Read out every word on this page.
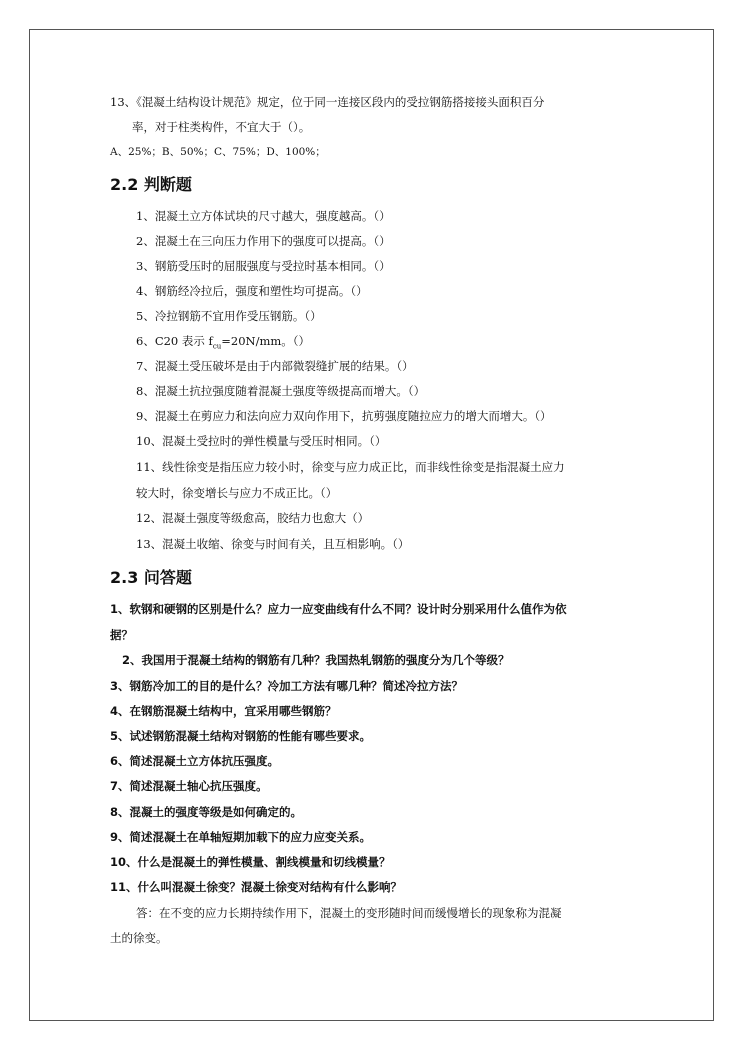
13、《混凝土结构设计规范》规定，位于同一连接区段内的受拉钢筋搭接接头面积百分
率，对于柱类构件，不宜大于（）。
A、25%；B、50%；C、75%；D、100%；
2.2 判断题
1、混凝土立方体试块的尺寸越大，强度越高。（）
2、混凝土在三向压力作用下的强度可以提高。（）
3、钢筋受压时的屈服强度与受拉时基本相同。（）
4、钢筋经冷拉后，强度和塑性均可提高。（）
5、冷拉钢筋不宜用作受压钢筋。（）
6、C20 表示 $f_{cu}=20N/mm$。（）
7、混凝土受压破坏是由于内部微裂缝扩展的结果。（）
8、混凝土抗拉强度随着混凝土强度等级提高而增大。（）
9、混凝土在剪应力和法向应力双向作用下，抗剪强度随拉应力的增大而增大。（）
10、混凝土受拉时的弹性模量与受压时相同。（）
11、线性徐变是指压应力较小时，徐变与应力成正比，而非线性徐变是指混凝土应力
较大时，徐变增长与应力不成正比。（）
12、混凝土强度等级愈高，胶结力也愈大（）
13、混凝土收缩、徐变与时间有关，且互相影响。（）
2.3 问答题
1、软钢和硬钢的区别是什么？应力一应变曲线有什么不同？设计时分别采用什么值作为依
据？
2、我国用于混凝土结构的钢筋有几种？我国热轧钢筋的强度分为几个等级？
3、钢筋冷加工的目的是什么？冷加工方法有哪几种？简述冷拉方法？
4、在钢筋混凝土结构中，宜采用哪些钢筋？
5、试述钢筋混凝土结构对钢筋的性能有哪些要求。
6、简述混凝土立方体抗压强度。
7、简述混凝土轴心抗压强度。
8、混凝土的强度等级是如何确定的。
9、简述混凝土在单轴短期加载下的应力应变关系。
10、什么是混凝土的弹性模量、割线模量和切线模量？
11、什么叫混凝土徐变？混凝土徐变对结构有什么影响？
答：在不变的应力长期持续作用下，混凝土的变形随时间而缓慢增长的现象称为混凝
土的徐变。
